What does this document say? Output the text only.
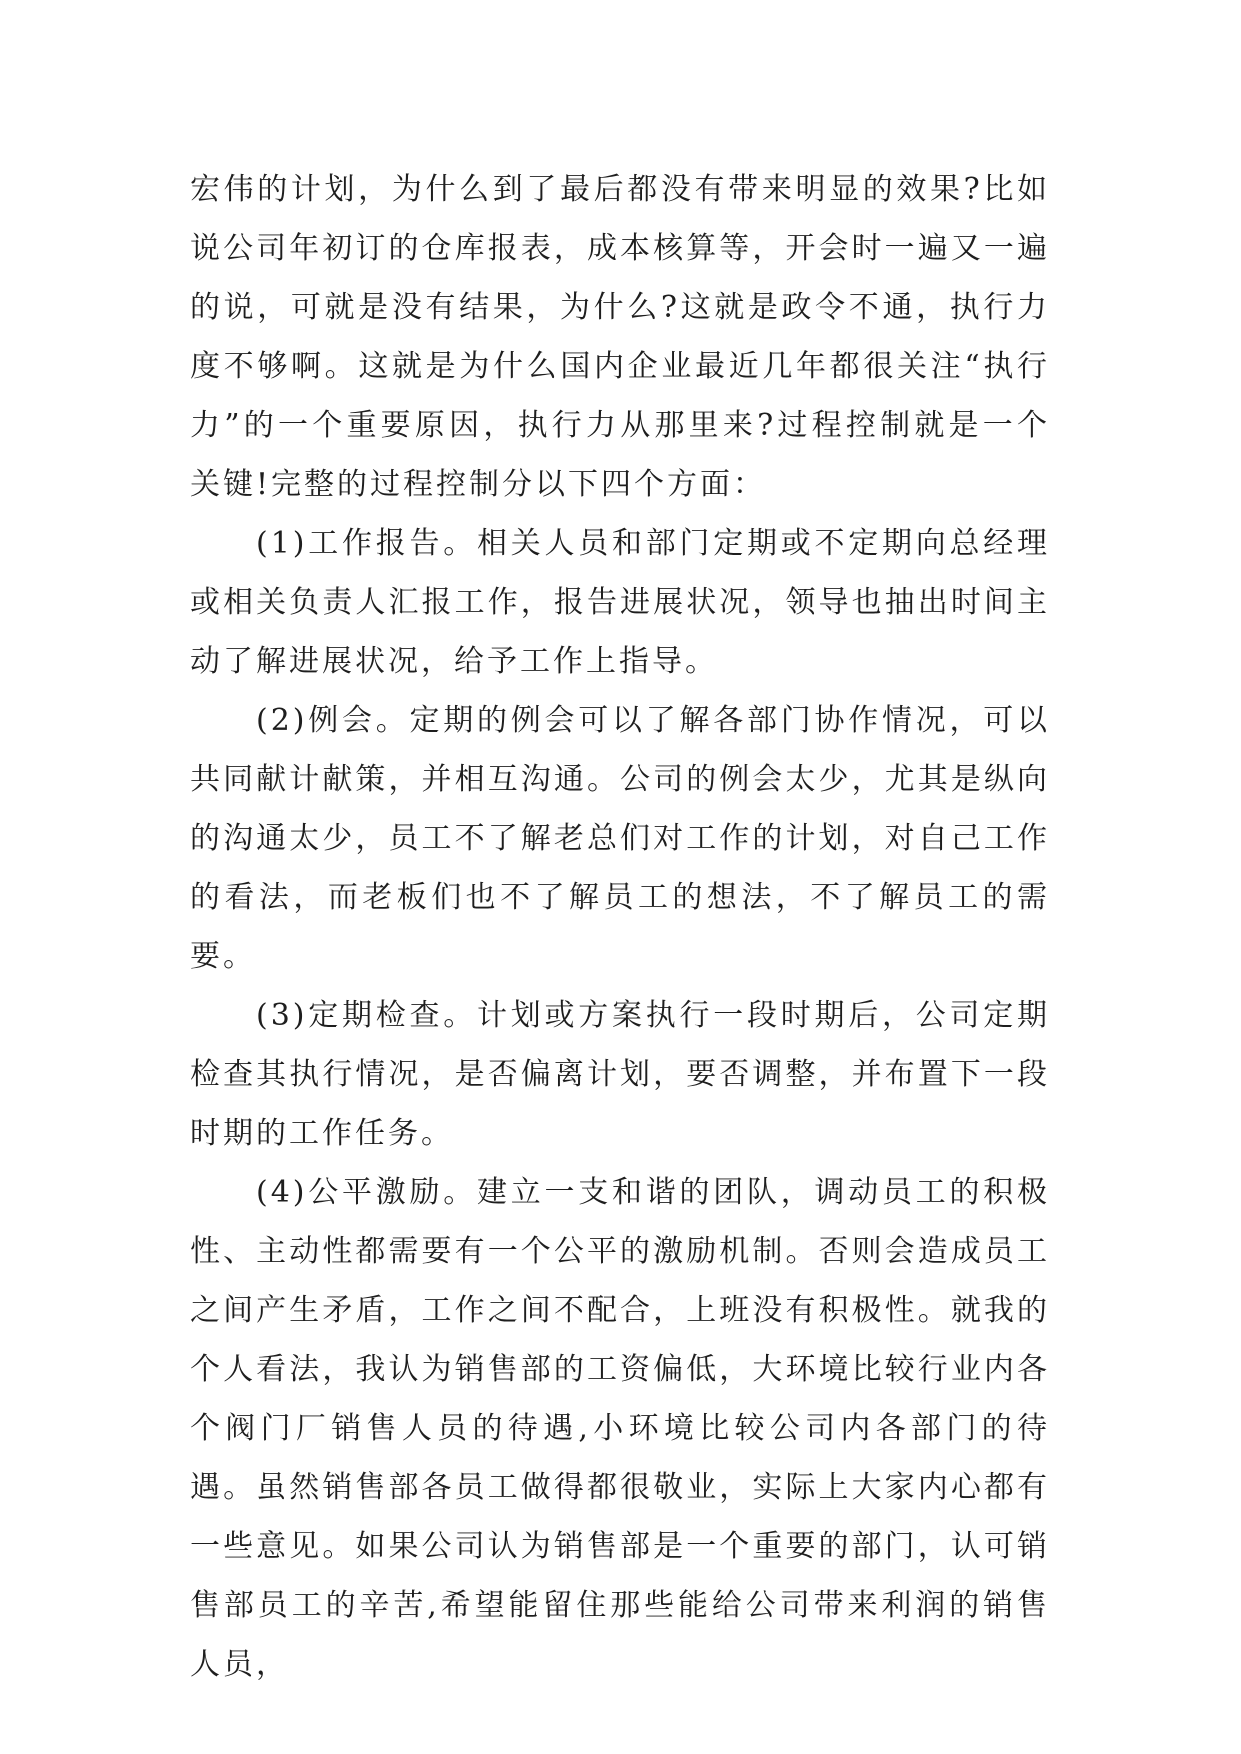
宏伟的计划，为什么到了最后都没有带来明显的效果?比如说公司年初订的仓库报表，成本核算等，开会时一遍又一遍的说，可就是没有结果，为什么?这就是政令不通，执行力度不够啊。这就是为什么国内企业最近几年都很关注“执行力”的一个重要原因，执行力从那里来?过程控制就是一个关键!完整的过程控制分以下四个方面：

(1)工作报告。相关人员和部门定期或不定期向总经理或相关负责人汇报工作，报告进展状况，领导也抽出时间主动了解进展状况，给予工作上指导。

(2)例会。定期的例会可以了解各部门协作情况，可以共同献计献策，并相互沟通。公司的例会太少，尤其是纵向的沟通太少，员工不了解老总们对工作的计划，对自己工作的看法，而老板们也不了解员工的想法，不了解员工的需要。

(3)定期检查。计划或方案执行一段时期后，公司定期检查其执行情况，是否偏离计划，要否调整，并布置下一段时期的工作任务。

(4)公平激励。建立一支和谐的团队，调动员工的积极性、主动性都需要有一个公平的激励机制。否则会造成员工之间产生矛盾，工作之间不配合，上班没有积极性。就我的个人看法，我认为销售部的工资偏低，大环境比较行业内各个阀门厂销售人员的待遇,小环境比较公司内各部门的待遇。虽然销售部各员工做得都很敬业，实际上大家内心都有一些意见。如果公司认为销售部是一个重要的部门，认可销售部员工的辛苦,希望能留住那些能给公司带来利润的销售人员，
